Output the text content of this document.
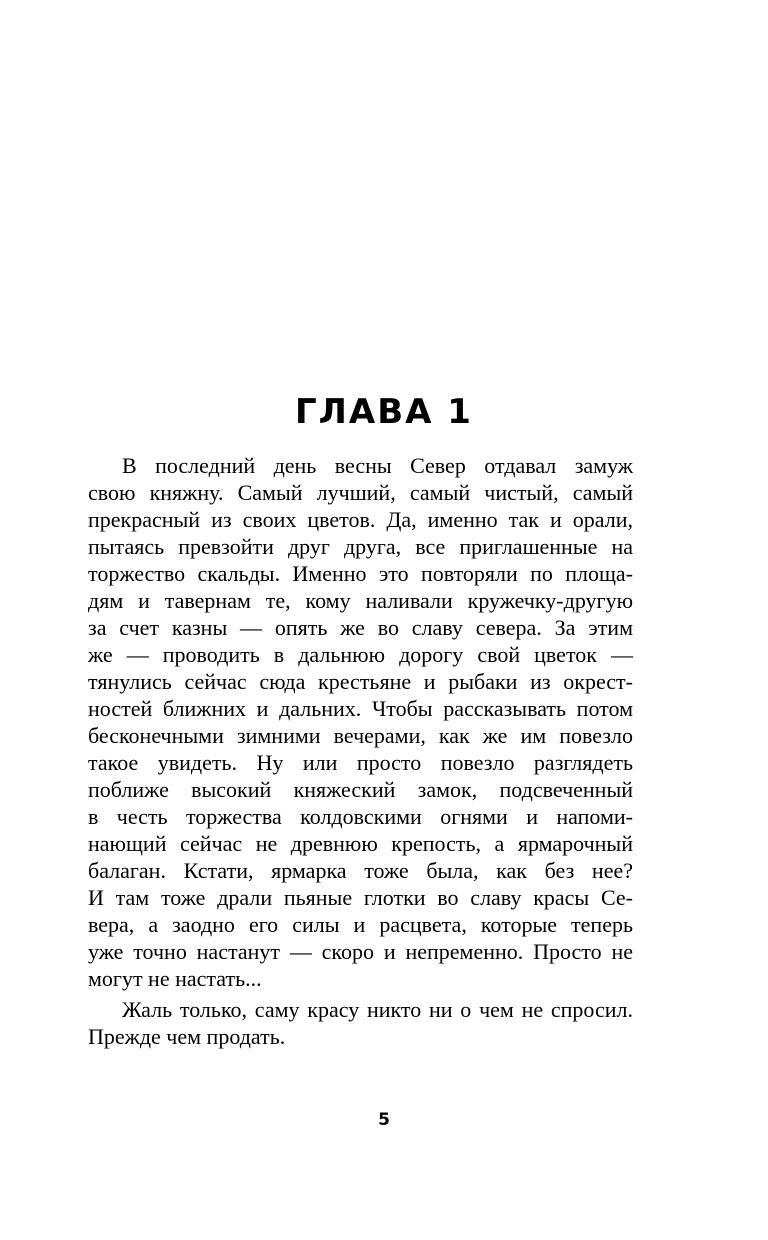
ГЛАВА 1
В последний день весны Север отдавал замуж
свою княжну. Самый лучший, самый чистый, самый
прекрасный из своих цветов. Да, именно так и орали,
пытаясь превзойти друг друга, все приглашенные на
торжество скальды. Именно это повторяли по площа-
дям и тавернам те, кому наливали кружечку-другую
за счет казны — опять же во славу севера. За этим
же — проводить в дальнюю дорогу свой цветок —
тянулись сейчас сюда крестьяне и рыбаки из окрест-
ностей ближних и дальних. Чтобы рассказывать потом
бесконечными зимними вечерами, как же им повезло
такое увидеть. Ну или просто повезло разглядеть
поближе высокий княжеский замок, подсвеченный
в честь торжества колдовскими огнями и напоми-
нающий сейчас не древнюю крепость, а ярмарочный
балаган. Кстати, ярмарка тоже была, как без нее?
И там тоже драли пьяные глотки во славу красы Се-
вера, а заодно его силы и расцвета, которые теперь
уже точно настанут — скоро и непременно. Просто не
могут не настать...
Жаль только, саму красу никто ни о чем не спросил.
Прежде чем продать.
5
